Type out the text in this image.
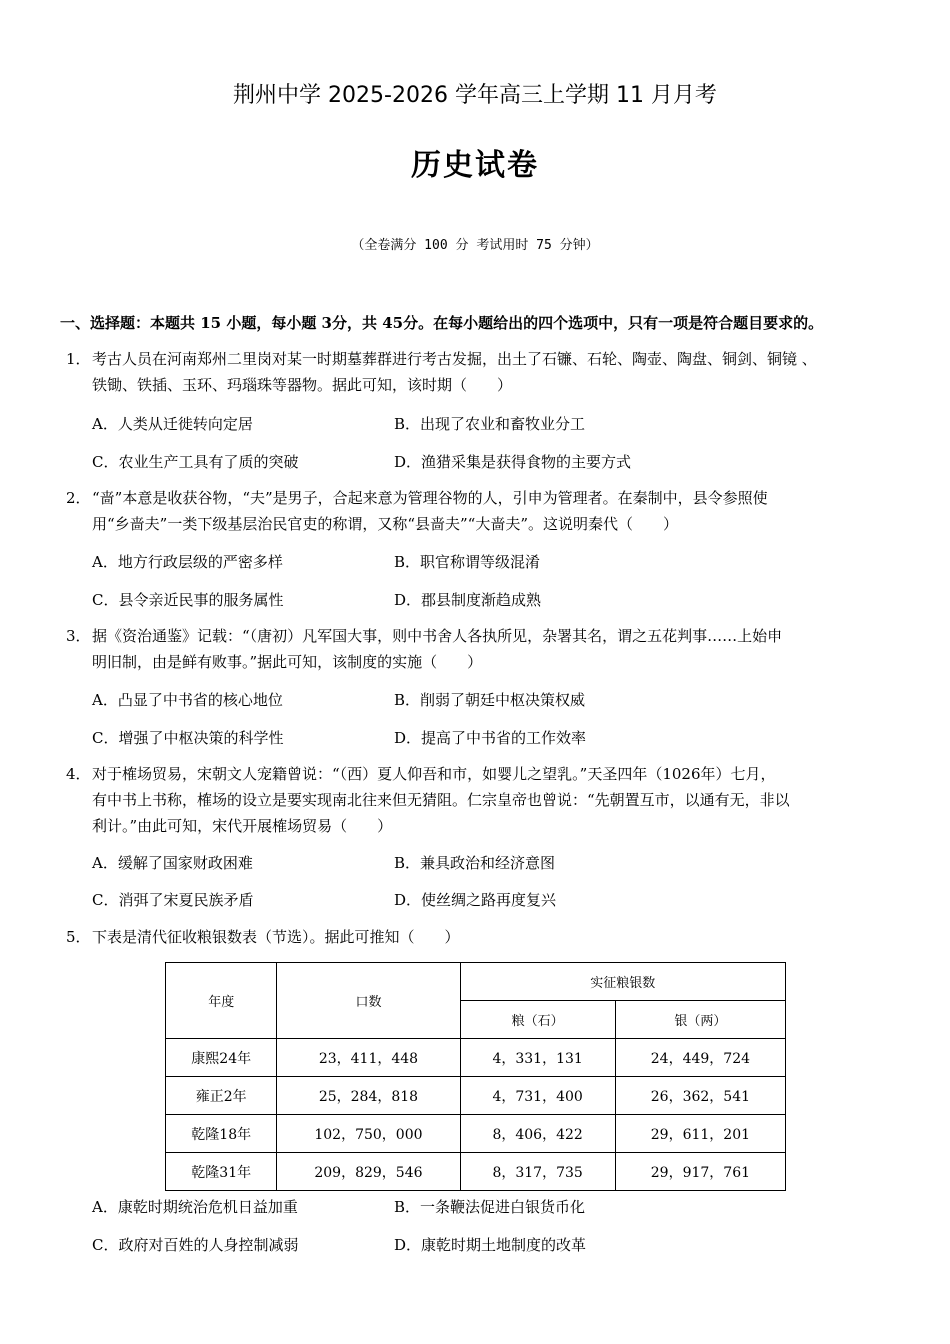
荆州中学 2025-2026 学年高三上学期 11 月月考
历史试卷
（全卷满分 100 分 考试用时 75 分钟）
一、选择题：本题共 15 小题，每小题 3分，共 45分。在每小题给出的四个选项中，只有一项是符合题目要求的。
1． 考古人员在河南郑州二里岗对某一时期墓葬群进行考古发掘，出土了石镰、石轮、陶壶、陶盘、铜剑、铜镜 、
铁锄、铁插、玉环、玛瑙珠等器物。据此可知，该时期（　　）
A．人类从迁徙转向定居	B．出现了农业和畜牧业分工
C．农业生产工具有了质的突破	D．渔猎采集是获得食物的主要方式
2． “啬”本意是收获谷物，“夫”是男子，合起来意为管理谷物的人，引申为管理者。在秦制中，县令参照使
用“乡啬夫”一类下级基层治民官吏的称谓，又称“县啬夫”“大啬夫”。这说明秦代（　　）
A．地方行政层级的严密多样	B．职官称谓等级混淆
C．县令亲近民事的服务属性	D．郡县制度渐趋成熟
3． 据《资治通鉴》记载：“（唐初）凡军国大事，则中书舍人各执所见，杂署其名，谓之五花判事……上始申
明旧制，由是鲜有败事。”据此可知，该制度的实施（　　）
A．凸显了中书省的核心地位	B．削弱了朝廷中枢决策权威
C．增强了中枢决策的科学性	D．提高了中书省的工作效率
4． 对于榷场贸易，宋朝文人宠籍曾说：“（西）夏人仰吾和市，如婴儿之望乳。”天圣四年（1026年）七月，
有中书上书称，榷场的设立是要实现南北往来但无猜阻。仁宗皇帝也曾说：“先朝置互市，以通有无，非以
利计。”由此可知，宋代开展榷场贸易（　　）
A．缓解了国家财政困难	B．兼具政治和经济意图
C．消弭了宋夏民族矛盾	D．使丝绸之路再度复兴
5． 下表是清代征收粮银数表（节选）。据此可推知（　　）
年度	口数	实征粮银数	
		粮（石）	银（两）
康熙24年	23，411，448	4，331，131	24，449，724
雍正2年	25，284，818	4，731，400	26，362，541
乾隆18年	102，750，000	8，406，422	29，611，201
乾隆31年	209，829，546	8，317，735	29，917，761
A．康乾时期统治危机日益加重	B．一条鞭法促进白银货币化
C．政府对百姓的人身控制减弱	D．康乾时期土地制度的改革
